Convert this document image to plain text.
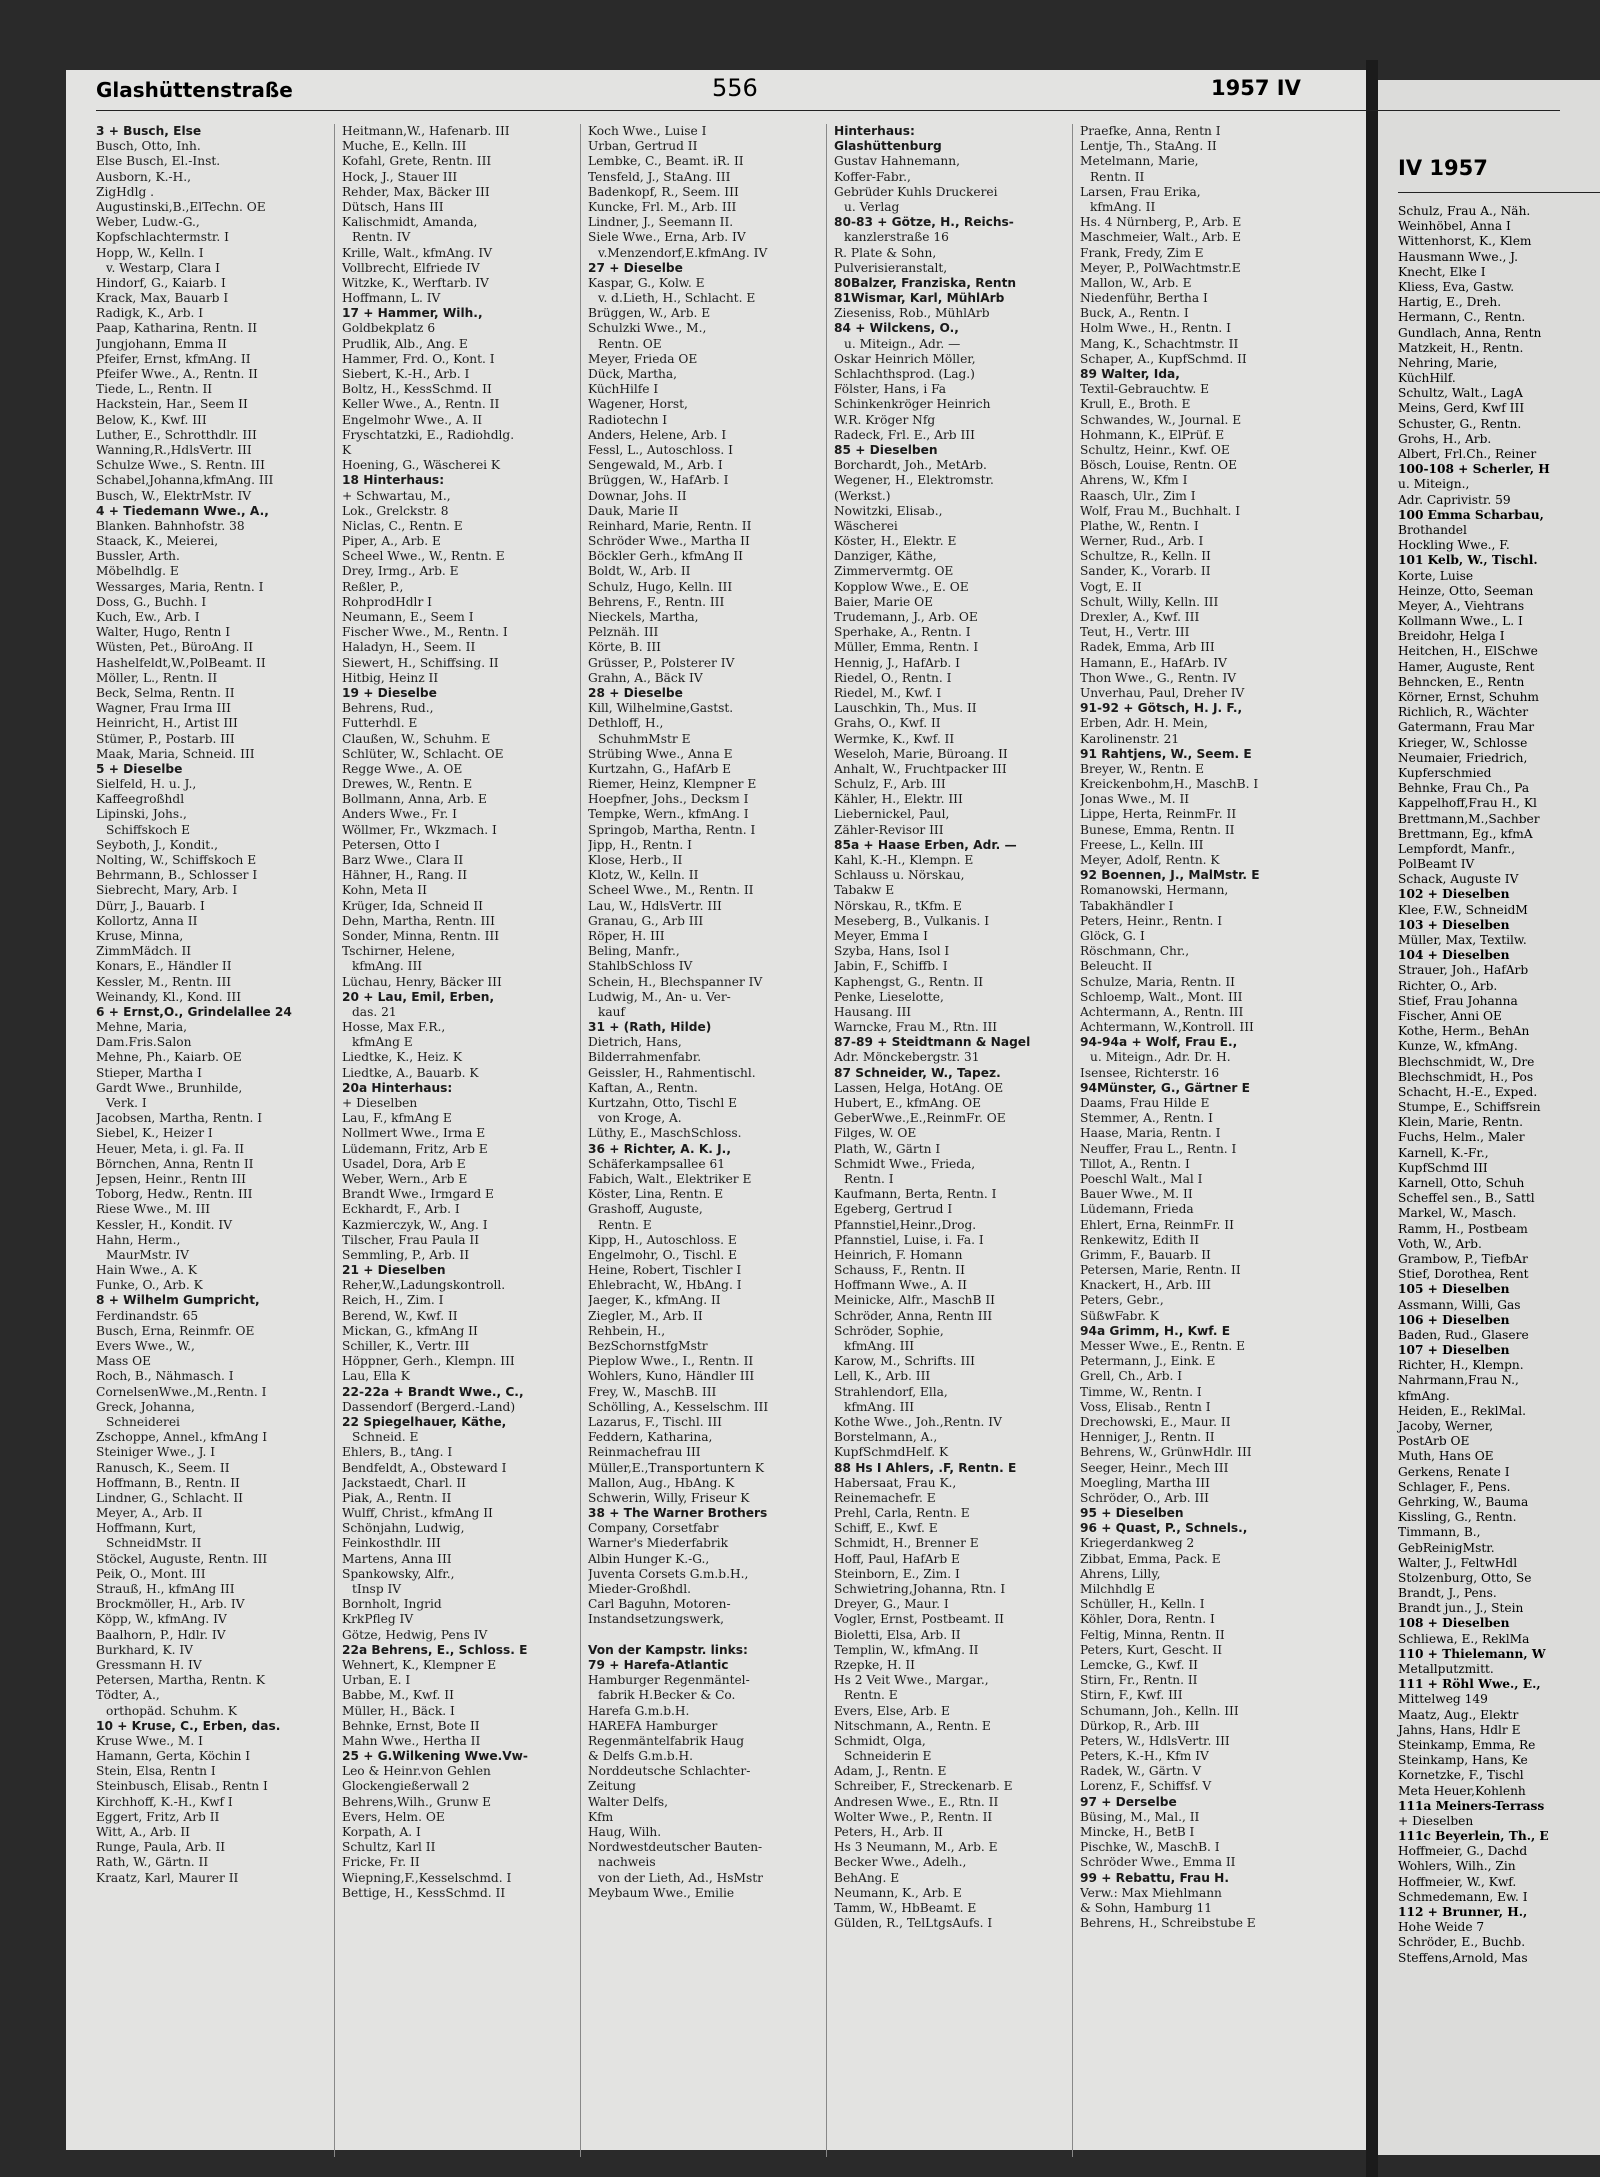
IV 1957
Schulz, Frau A., Näh.
Weinhöbel, Anna I
Wittenhorst, K., Klem
Hausmann Wwe., J.
Knecht, Elke I
Kliess, Eva, Gastw.
Hartig, E., Dreh.
Hermann, C., Rentn.
Gundlach, Anna, Rentn
Matzkeit, H., Rentn.
Nehring, Marie,
KüchHilf.
Schultz, Walt., LagA
Meins, Gerd, Kwf III
Schuster, G., Rentn.
Grohs, H., Arb.
Albert, Frl.Ch., Reiner
100-108 + Scherler, H
u. Miteign.,
Adr. Caprivistr. 59
100 Emma Scharbau,
Brothandel
Hockling Wwe., F.
101 Kelb, W., Tischl.
Korte, Luise
Heinze, Otto, Seeman
Meyer, A., Viehtrans
Kollmann Wwe., L. I
Breidohr, Helga I
Heitchen, H., ElSchwe
Hamer, Auguste, Rent
Behncken, E., Rentn
Körner, Ernst, Schuhm
Richlich, R., Wächter
Gatermann, Frau Mar
Krieger, W., Schlosse
Neumaier, Friedrich,
Kupferschmied
Behnke, Frau Ch., Pa
Kappelhoff,Frau H., Kl
Brettmann,M.,Sachber
Brettmann, Eg., kfmA
Lempfordt, Manfr.,
PolBeamt IV
Schack, Auguste IV
102 + Dieselben
Klee, F.W., SchneidM
103 + Dieselben
Müller, Max, Textilw.
104 + Dieselben
Strauer, Joh., HafArb
Richter, O., Arb.
Stief, Frau Johanna
Fischer, Anni OE
Kothe, Herm., BehAn
Kunze, W., kfmAng.
Blechschmidt, W., Dre
Blechschmidt, H., Pos
Schacht, H.-E., Exped.
Stumpe, E., Schiffsrein
Klein, Marie, Rentn.
Fuchs, Helm., Maler
Karnell, K.-Fr.,
KupfSchmd III
Karnell, Otto, Schuh
Scheffel sen., B., Sattl
Markel, W., Masch.
Ramm, H., Postbeam
Voth, W., Arb.
Grambow, P., TiefbAr
Stief, Dorothea, Rent
105 + Dieselben
Assmann, Willi, Gas
106 + Dieselben
Baden, Rud., Glasere
107 + Dieselben
Richter, H., Klempn.
Nahrmann,Frau N.,
kfmAng.
Heiden, E., ReklMal.
Jacoby, Werner,
PostArb OE
Muth, Hans OE
Gerkens, Renate I
Schlager, F., Pens.
Gehrking, W., Bauma
Kissling, G., Rentn.
Timmann, B.,
GebReinigMstr.
Walter, J., FeltwHdl
Stolzenburg, Otto, Se
Brandt, J., Pens.
Brandt jun., J., Stein
108 + Dieselben
Schliewa, E., ReklMa
110 + Thielemann, W
Metallputzmitt.
111 + Röhl Wwe., E.,
Mittelweg 149
Maatz, Aug., Elektr
Jahns, Hans, Hdlr E
Steinkamp, Emma, Re
Steinkamp, Hans, Ke
Kornetzke, F., Tischl
Meta Heuer,Kohlenh
111a Meiners-Terrass
+ Dieselben
111c Beyerlein, Th., E
Hoffmeier, G., Dachd
Wohlers, Wilh., Zin
Hoffmeier, W., Kwf.
Schmedemann, Ew. I
112 + Brunner, H.,
Hohe Weide 7
Schröder, E., Buchb.
Steffens,Arnold, Mas
Glashüttenstraße	556	1957 IV
3 + Busch, Else
Busch, Otto, Inh.
Else Busch, El.-Inst.
Ausborn, K.-H.,
ZigHdlg .
Augustinski,B.,ElTechn. OE
Weber, Ludw.-G.,
Kopfschlachtermstr. I
Hopp, W., Kelln. I
v. Westarp, Clara I
Hindorf, G., Kaiarb. I
Krack, Max, Bauarb I
Radigk, K., Arb. I
Paap, Katharina, Rentn. II
Jungjohann, Emma II
Pfeifer, Ernst, kfmAng. II
Pfeifer Wwe., A., Rentn. II
Tiede, L., Rentn. II
Hackstein, Har., Seem II
Below, K., Kwf. III
Luther, E., Schrotthdlr. III
Wanning,R.,HdlsVertr. III
Schulze Wwe., S. Rentn. III
Schabel,Johanna,kfmAng. III
Busch, W., ElektrMstr. IV
4 + Tiedemann Wwe., A.,
Blanken. Bahnhofstr. 38
Staack, K., Meierei,
Bussler, Arth.
Möbelhdlg. E
Wessarges, Maria, Rentn. I
Doss, G., Buchh. I
Kuch, Ew., Arb. I
Walter, Hugo, Rentn I
Wüsten, Pet., BüroAng. II
Hashelfeldt,W.,PolBeamt. II
Möller, L., Rentn. II
Beck, Selma, Rentn. II
Wagner, Frau Irma III
Heinricht, H., Artist III
Stümer, P., Postarb. III
Maak, Maria, Schneid. III
5 + Dieselbe
Sielfeld, H. u. J.,
Kaffeegroßhdl
Lipinski, Johs.,
Schiffskoch E
Seyboth, J., Kondit.,
Nolting, W., Schiffskoch E
Behrmann, B., Schlosser I
Siebrecht, Mary, Arb. I
Dürr, J., Bauarb. I
Kollortz, Anna II
Kruse, Minna,
ZimmMädch. II
Konars, E., Händler II
Kessler, M., Rentn. III
Weinandy, Kl., Kond. III
6 + Ernst,O., Grindelallee 24
Mehne, Maria,
Dam.Fris.Salon
Mehne, Ph., Kaiarb. OE
Stieper, Martha I
Gardt Wwe., Brunhilde,
Verk. I
Jacobsen, Martha, Rentn. I
Siebel, K., Heizer I
Heuer, Meta, i. gl. Fa. II
Börnchen, Anna, Rentn II
Jepsen, Heinr., Rentn III
Toborg, Hedw., Rentn. III
Riese Wwe., M. III
Kessler, H., Kondit. IV
Hahn, Herm.,
MaurMstr. IV
Hain Wwe., A. K
Funke, O., Arb. K
8 + Wilhelm Gumpricht,
Ferdinandstr. 65
Busch, Erna, Reinmfr. OE
Evers Wwe., W.,
Mass OE
Roch, B., Nähmasch. I
CornelsenWwe.,M.,Rentn. I
Greck, Johanna,
Schneiderei
Zschoppe, Annel., kfmAng I
Steiniger Wwe., J. I
Ranusch, K., Seem. II
Hoffmann, B., Rentn. II
Lindner, G., Schlacht. II
Meyer, A., Arb. II
Hoffmann, Kurt,
SchneidMstr. II
Stöckel, Auguste, Rentn. III
Peik, O., Mont. III
Strauß, H., kfmAng III
Brockmöller, H., Arb. IV
Köpp, W., kfmAng. IV
Baalhorn, P., Hdlr. IV
Burkhard, K. IV
Gressmann H. IV
Petersen, Martha, Rentn. K
Tödter, A.,
orthopäd. Schuhm. K
10 + Kruse, C., Erben, das.
Kruse Wwe., M. I
Hamann, Gerta, Köchin I
Stein, Elsa, Rentn I
Steinbusch, Elisab., Rentn I
Kirchhoff, K.-H., Kwf I
Eggert, Fritz, Arb II
Witt, A., Arb. II
Runge, Paula, Arb. II
Rath, W., Gärtn. II
Kraatz, Karl, Maurer II
Heitmann,W., Hafenarb. III
Muche, E., Kelln. III
Kofahl, Grete, Rentn. III
Hock, J., Stauer III
Rehder, Max, Bäcker III
Dütsch, Hans III
Kalischmidt, Amanda,
Rentn. IV
Krille, Walt., kfmAng. IV
Vollbrecht, Elfriede IV
Witzke, K., Werftarb. IV
Hoffmann, L. IV
17 + Hammer, Wilh.,
Goldbekplatz 6
Prudlik, Alb., Ang. E
Hammer, Frd. O., Kont. I
Siebert, K.-H., Arb. I
Boltz, H., KessSchmd. II
Keller Wwe., A., Rentn. II
Engelmohr Wwe., A. II
Fryschtatzki, E., Radiohdlg.
K
Hoening, G., Wäscherei K
18 Hinterhaus:
+ Schwartau, M.,
Lok., Grelckstr. 8
Niclas, C., Rentn. E
Piper, A., Arb. E
Scheel Wwe., W., Rentn. E
Drey, Irmg., Arb. E
Reßler, P.,
RohprodHdlr I
Neumann, E., Seem I
Fischer Wwe., M., Rentn. I
Haladyn, H., Seem. II
Siewert, H., Schiffsing. II
Hitbig, Heinz II
19 + Dieselbe
Behrens, Rud.,
Futterhdl. E
Claußen, W., Schuhm. E
Schlüter, W., Schlacht. OE
Regge Wwe., A. OE
Drewes, W., Rentn. E
Bollmann, Anna, Arb. E
Anders Wwe., Fr. I
Wöllmer, Fr., Wkzmach. I
Petersen, Otto I
Barz Wwe., Clara II
Hähner, H., Rang. II
Kohn, Meta II
Krüger, Ida, Schneid II
Dehn, Martha, Rentn. III
Sonder, Minna, Rentn. III
Tschirner, Helene,
kfmAng. III
Lüchau, Henry, Bäcker III
20 + Lau, Emil, Erben,
das. 21
Hosse, Max F.R.,
kfmAng E
Liedtke, K., Heiz. K
Liedtke, A., Bauarb. K
20a Hinterhaus:
+ Dieselben
Lau, F., kfmAng E
Nollmert Wwe., Irma E
Lüdemann, Fritz, Arb E
Usadel, Dora, Arb E
Weber, Wern., Arb E
Brandt Wwe., Irmgard E
Eckhardt, F., Arb. I
Kazmierczyk, W., Ang. I
Tilscher, Frau Paula II
Semmling, P., Arb. II
21 + Dieselben
Reher,W.,Ladungskontroll.
Reich, H., Zim. I
Berend, W., Kwf. II
Mickan, G., kfmAng II
Schiller, K., Vertr. III
Höppner, Gerh., Klempn. III
Lau, Ella K
22-22a + Brandt Wwe., C.,
Dassendorf (Bergerd.-Land)
22 Spiegelhauer, Käthe,
Schneid. E
Ehlers, B., tAng. I
Bendfeldt, A., Obsteward I
Jackstaedt, Charl. II
Piak, A., Rentn. II
Wulff, Christ., kfmAng II
Schönjahn, Ludwig,
Feinkosthdlr. III
Martens, Anna III
Spankowsky, Alfr.,
tInsp IV
Bornholt, Ingrid
KrkPfleg IV
Götze, Hedwig, Pens IV
22a Behrens, E., Schloss. E
Wehnert, K., Klempner E
Urban, E. I
Babbe, M., Kwf. II
Müller, H., Bäck. I
Behnke, Ernst, Bote II
Mahn Wwe., Hertha II
25 + G.Wilkening Wwe.Vw-
Leo & Heinr.von Gehlen
Glockengießerwall 2
Behrens,Wilh., Grunw E
Evers, Helm. OE
Korpath, A. I
Schultz, Karl II
Fricke, Fr. II
Wiepning,F.,Kesselschmd. I
Bettige, H., KessSchmd. II
Koch Wwe., Luise I
Urban, Gertrud II
Lembke, C., Beamt. iR. II
Tensfeld, J., StaAng. III
Badenkopf, R., Seem. III
Kuncke, Frl. M., Arb. III
Lindner, J., Seemann II.
Siele Wwe., Erna, Arb. IV
v.Menzendorf,E.kfmAng. IV
27 + Dieselbe
Kaspar, G., Kolw. E
v. d.Lieth, H., Schlacht. E
Brüggen, W., Arb. E
Schulzki Wwe., M.,
Rentn. OE
Meyer, Frieda OE
Dück, Martha,
KüchHilfe I
Wagener, Horst,
Radiotechn I
Anders, Helene, Arb. I
Fessl, L., Autoschloss. I
Sengewald, M., Arb. I
Brüggen, W., HafArb. I
Downar, Johs. II
Dauk, Marie II
Reinhard, Marie, Rentn. II
Schröder Wwe., Martha II
Böckler Gerh., kfmAng II
Boldt, W., Arb. II
Schulz, Hugo, Kelln. III
Behrens, F., Rentn. III
Nieckels, Martha,
Pelznäh. III
Körte, B. III
Grüsser, P., Polsterer IV
Grahn, A., Bäck IV
28 + Dieselbe
Kill, Wilhelmine,Gastst.
Dethloff, H.,
SchuhmMstr E
Strübing Wwe., Anna E
Kurtzahn, G., HafArb E
Riemer, Heinz, Klempner E
Hoepfner, Johs., Decksm I
Tempke, Wern., kfmAng. I
Springob, Martha, Rentn. I
Jipp, H., Rentn. I
Klose, Herb., II
Klotz, W., Kelln. II
Scheel Wwe., M., Rentn. II
Lau, W., HdlsVertr. III
Granau, G., Arb III
Röper, H. III
Beling, Manfr.,
StahlbSchloss IV
Schein, H., Blechspanner IV
Ludwig, M., An- u. Ver-
kauf
31 + (Rath, Hilde)
Dietrich, Hans,
Bilderrahmenfabr.
Geissler, H., Rahmentischl.
Kaftan, A., Rentn.
Kurtzahn, Otto, Tischl E
von Kroge, A.
Lüthy, E., MaschSchloss.
36 + Richter, A. K. J.,
Schäferkampsallee 61
Fabich, Walt., Elektriker E
Köster, Lina, Rentn. E
Grashoff, Auguste,
Rentn. E
Kipp, H., Autoschloss. E
Engelmohr, O., Tischl. E
Heine, Robert, Tischler I
Ehlebracht, W., HbAng. I
Jaeger, K., kfmAng. II
Ziegler, M., Arb. II
Rehbein, H.,
BezSchornstfgMstr
Pieplow Wwe., I., Rentn. II
Wohlers, Kuno, Händler III
Frey, W., MaschB. III
Schölling, A., Kesselschm. III
Lazarus, F., Tischl. III
Feddern, Katharina,
Reinmachefrau III
Müller,E.,Transportuntern K
Mallon, Aug., HbAng. K
Schwerin, Willy, Friseur K
38 + The Warner Brothers
Company, Corsetfabr
Warner's Miederfabrik
Albin Hunger K.-G.,
Juventa Corsets G.m.b.H.,
Mieder-Großhdl.
Carl Baguhn, Motoren-
Instandsetzungswerk,
Von der Kampstr. links:
79 + Harefa-Atlantic
Hamburger Regenmäntel-
fabrik H.Becker & Co.
Harefa G.m.b.H.
HAREFA Hamburger
Regenmäntelfabrik Haug
& Delfs G.m.b.H.
Norddeutsche Schlachter-
Zeitung
Walter Delfs,
Kfm
Haug, Wilh.
Nordwestdeutscher Bauten-
nachweis
von der Lieth, Ad., HsMstr
Meybaum Wwe., Emilie
Hinterhaus:
Glashüttenburg
Gustav Hahnemann,
Koffer-Fabr.,
Gebrüder Kuhls Druckerei
u. Verlag
80-83 + Götze, H., Reichs-
kanzlerstraße 16
R. Plate & Sohn,
Pulverisieranstalt,
80Balzer, Franziska, Rentn
81Wismar, Karl, MühlArb
Zieseniss, Rob., MühlArb
84 + Wilckens, O.,
u. Miteign., Adr. —
Oskar Heinrich Möller,
Schlachthsprod. (Lag.)
Fölster, Hans, i Fa
Schinkenkröger Heinrich
W.R. Kröger Nfg
Radeck, Frl. E., Arb III
85 + Dieselben
Borchardt, Joh., MetArb.
Wegener, H., Elektromstr.
(Werkst.)
Nowitzki, Elisab.,
Wäscherei
Köster, H., Elektr. E
Danziger, Käthe,
Zimmervermtg. OE
Kopplow Wwe., E. OE
Baier, Marie OE
Trudemann, J., Arb. OE
Sperhake, A., Rentn. I
Müller, Emma, Rentn. I
Hennig, J., HafArb. I
Riedel, O., Rentn. I
Riedel, M., Kwf. I
Lauschkin, Th., Mus. II
Grahs, O., Kwf. II
Wermke, K., Kwf. II
Weseloh, Marie, Büroang. II
Anhalt, W., Fruchtpacker III
Schulz, F., Arb. III
Kähler, H., Elektr. III
Liebernickel, Paul,
Zähler-Revisor III
85a + Haase Erben, Adr. —
Kahl, K.-H., Klempn. E
Schlauss u. Nörskau,
Tabakw E
Nörskau, R., tKfm. E
Meseberg, B., Vulkanis. I
Meyer, Emma I
Szyba, Hans, Isol I
Jabin, F., Schiffb. I
Kaphengst, G., Rentn. II
Penke, Lieselotte,
Hausang. III
Warncke, Frau M., Rtn. III
87-89 + Steidtmann & Nagel
Adr. Mönckebergstr. 31
87 Schneider, W., Tapez.
Lassen, Helga, HotAng. OE
Hubert, E., kfmAng. OE
GeberWwe.,E.,ReinmFr. OE
Filges, W. OE
Plath, W., Gärtn I
Schmidt Wwe., Frieda,
Rentn. I
Kaufmann, Berta, Rentn. I
Egeberg, Gertrud I
Pfannstiel,Heinr.,Drog.
Pfannstiel, Luise, i. Fa. I
Heinrich, F. Homann
Schauss, F., Rentn. II
Hoffmann Wwe., A. II
Meinicke, Alfr., MaschB II
Schröder, Anna, Rentn III
Schröder, Sophie,
kfmAng. III
Karow, M., Schrifts. III
Lell, K., Arb. III
Strahlendorf, Ella,
kfmAng. III
Kothe Wwe., Joh.,Rentn. IV
Borstelmann, A.,
KupfSchmdHelf. K
88 Hs I Ahlers, .F, Rentn. E
Habersaat, Frau K.,
Reinemachefr. E
Prehl, Carla, Rentn. E
Schiff, E., Kwf. E
Schmidt, H., Brenner E
Hoff, Paul, HafArb E
Steinborn, E., Zim. I
Schwietring,Johanna, Rtn. I
Dreyer, G., Maur. I
Vogler, Ernst, Postbeamt. II
Bioletti, Elsa, Arb. II
Templin, W., kfmAng. II
Rzepke, H. II
Hs 2 Veit Wwe., Margar.,
Rentn. E
Evers, Else, Arb. E
Nitschmann, A., Rentn. E
Schmidt, Olga,
Schneiderin E
Adam, J., Rentn. E
Schreiber, F., Streckenarb. E
Andresen Wwe., E., Rtn. II
Wolter Wwe., P., Rentn. II
Peters, H., Arb. II
Hs 3 Neumann, M., Arb. E
Becker Wwe., Adelh.,
BehAng. E
Neumann, K., Arb. E
Tamm, W., HbBeamt. E
Gülden, R., TelLtgsAufs. I
Praefke, Anna, Rentn I
Lentje, Th., StaAng. II
Metelmann, Marie,
Rentn. II
Larsen, Frau Erika,
kfmAng. II
Hs. 4 Nürnberg, P., Arb. E
Maschmeier, Walt., Arb. E
Frank, Fredy, Zim E
Meyer, P., PolWachtmstr.E
Mallon, W., Arb. E
Niedenführ, Bertha I
Buck, A., Rentn. I
Holm Wwe., H., Rentn. I
Mang, K., Schachtmstr. II
Schaper, A., KupfSchmd. II
89 Walter, Ida,
Textil-Gebrauchtw. E
Krull, E., Broth. E
Schwandes, W., Journal. E
Hohmann, K., ElPrüf. E
Schultz, Heinr., Kwf. OE
Bösch, Louise, Rentn. OE
Ahrens, W., Kfm I
Raasch, Ulr., Zim I
Wolf, Frau M., Buchhalt. I
Plathe, W., Rentn. I
Werner, Rud., Arb. I
Schultze, R., Kelln. II
Sander, K., Vorarb. II
Vogt, E. II
Schult, Willy, Kelln. III
Drexler, A., Kwf. III
Teut, H., Vertr. III
Radek, Emma, Arb III
Hamann, E., HafArb. IV
Thon Wwe., G., Rentn. IV
Unverhau, Paul, Dreher IV
91-92 + Götsch, H. J. F.,
Erben, Adr. H. Mein,
Karolinenstr. 21
91 Rahtjens, W., Seem. E
Breyer, W., Rentn. E
Kreickenbohm,H., MaschB. I
Jonas Wwe., M. II
Lippe, Herta, ReinmFr. II
Bunese, Emma, Rentn. II
Freese, L., Kelln. III
Meyer, Adolf, Rentn. K
92 Boennen, J., MalMstr. E
Romanowski, Hermann,
Tabakhändler I
Peters, Heinr., Rentn. I
Glöck, G. I
Röschmann, Chr.,
Beleucht. II
Schulze, Maria, Rentn. II
Schloemp, Walt., Mont. III
Achtermann, A., Rentn. III
Achtermann, W.,Kontroll. III
94-94a + Wolf, Frau E.,
u. Miteign., Adr. Dr. H.
Isensee, Richterstr. 16
94Münster, G., Gärtner E
Daams, Frau Hilde E
Stemmer, A., Rentn. I
Haase, Maria, Rentn. I
Neuffer, Frau L., Rentn. I
Tillot, A., Rentn. I
Poeschl Walt., Mal I
Bauer Wwe., M. II
Lüdemann, Frieda
Ehlert, Erna, ReinmFr. II
Renkewitz, Edith II
Grimm, F., Bauarb. II
Petersen, Marie, Rentn. II
Knackert, H., Arb. III
Peters, Gebr.,
SüßwFabr. K
94a Grimm, H., Kwf. E
Messer Wwe., E., Rentn. E
Petermann, J., Eink. E
Grell, Ch., Arb. I
Timme, W., Rentn. I
Voss, Elisab., Rentn I
Drechowski, E., Maur. II
Henniger, J., Rentn. II
Behrens, W., GrünwHdlr. III
Seeger, Heinr., Mech III
Moegling, Martha III
Schröder, O., Arb. III
95 + Dieselben
96 + Quast, P., Schnels.,
Kriegerdankweg 2
Zibbat, Emma, Pack. E
Ahrens, Lilly,
Milchhdlg E
Schüller, H., Kelln. I
Köhler, Dora, Rentn. I
Feltig, Minna, Rentn. II
Peters, Kurt, Gescht. II
Lemcke, G., Kwf. II
Stirn, Fr., Rentn. II
Stirn, F., Kwf. III
Schumann, Joh., Kelln. III
Dürkop, R., Arb. III
Peters, W., HdlsVertr. III
Peters, K.-H., Kfm IV
Radek, W., Gärtn. V
Lorenz, F., Schiffsf. V
97 + Derselbe
Büsing, M., Mal., II
Mincke, H., BetB I
Pischke, W., MaschB. I
Schröder Wwe., Emma II
99 + Rebattu, Frau H.
Verw.: Max Miehlmann
& Sohn, Hamburg 11
Behrens, H., Schreibstube E
